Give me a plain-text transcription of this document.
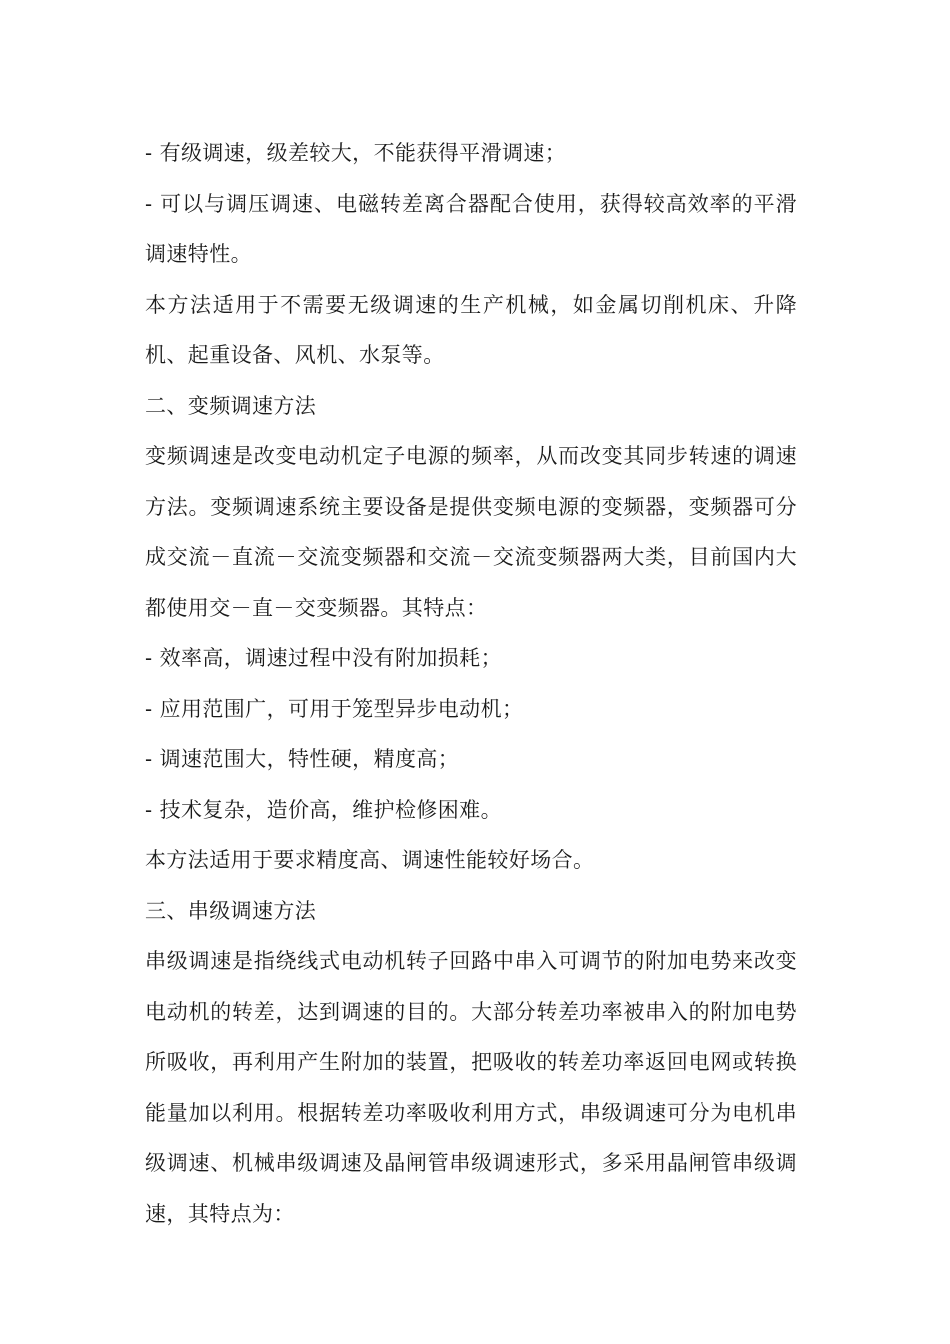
- 有级调速，级差较大，不能获得平滑调速；

- 可以与调压调速、电磁转差离合器配合使用，获得较高效率的平滑调速特性。

本方法适用于不需要无级调速的生产机械，如金属切削机床、升降机、起重设备、风机、水泵等。

二、变频调速方法

变频调速是改变电动机定子电源的频率，从而改变其同步转速的调速方法。变频调速系统主要设备是提供变频电源的变频器，变频器可分成交流－直流－交流变频器和交流－交流变频器两大类，目前国内大都使用交－直－交变频器。其特点：

- 效率高，调速过程中没有附加损耗；

- 应用范围广，可用于笼型异步电动机；

- 调速范围大，特性硬，精度高；

- 技术复杂，造价高，维护检修困难。

本方法适用于要求精度高、调速性能较好场合。

三、串级调速方法

串级调速是指绕线式电动机转子回路中串入可调节的附加电势来改变电动机的转差，达到调速的目的。大部分转差功率被串入的附加电势所吸收，再利用产生附加的装置，把吸收的转差功率返回电网或转换能量加以利用。根据转差功率吸收利用方式，串级调速可分为电机串级调速、机械串级调速及晶闸管串级调速形式，多采用晶闸管串级调速，其特点为：
